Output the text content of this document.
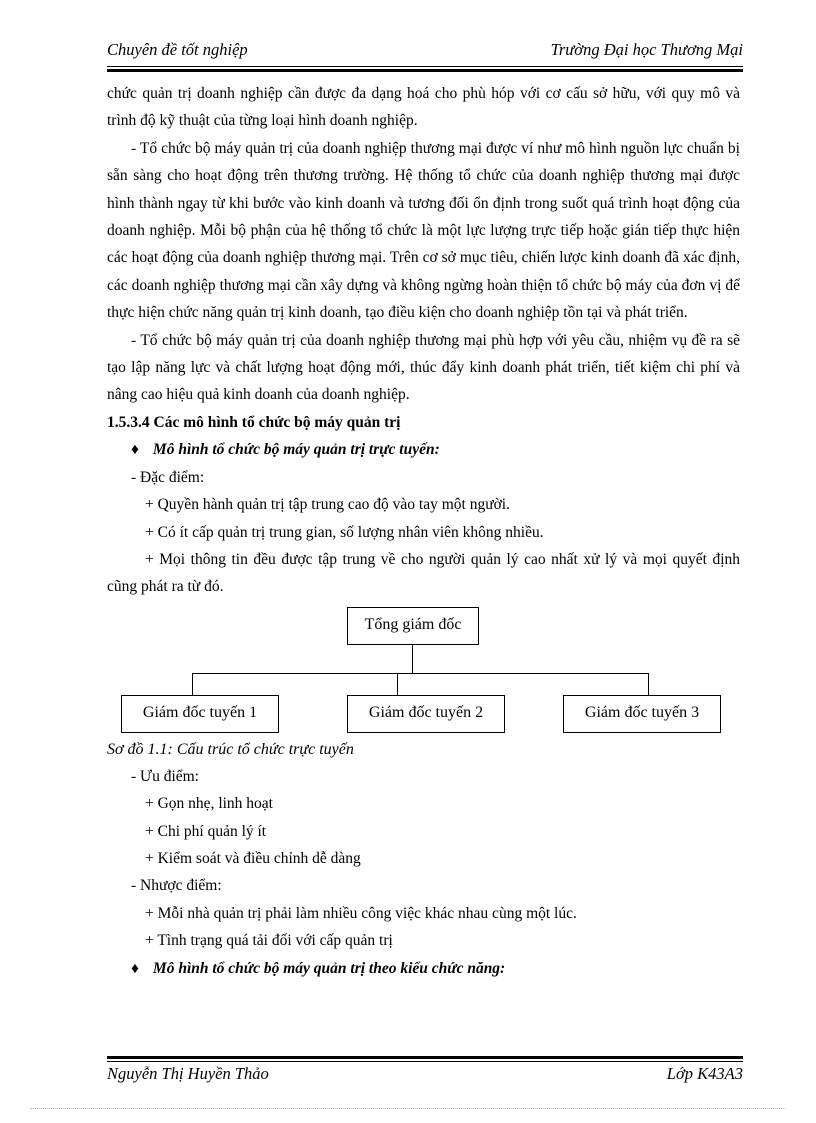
Chuyên đề tốt nghiệp	Trường Đại học Thương Mại

chức quản trị doanh nghiệp cần được đa dạng hoá cho phù hóp với cơ cấu sở hữu, với quy mô và trình độ kỹ thuật của từng loại hình doanh nghiệp.

- Tổ chức bộ máy quản trị của doanh nghiệp thương mại được ví như mô hình nguồn lực chuẩn bị sẵn sàng cho hoạt động trên thương trường. Hệ thống tổ chức của doanh nghiệp thương mại được hình thành ngay từ khi bước vào kinh doanh và tương đối ổn định trong suốt quá trình hoạt động của doanh nghiệp. Mỗi bộ phận của hệ thống tổ chức là một lực lượng trực tiếp hoặc gián tiếp thực hiện các hoạt động của doanh nghiệp thương mại. Trên cơ sở mục tiêu, chiến lược kinh doanh đã xác định, các doanh nghiệp thương mại cần xây dựng và không ngừng hoàn thiện tổ chức bộ máy của đơn vị để thực hiện chức năng quản trị kinh doanh, tạo điều kiện cho doanh nghiệp tồn tại và phát triển.

- Tổ chức bộ máy quản trị của doanh nghiệp thương mại phù hợp với yêu cầu, nhiệm vụ đề ra sẽ tạo lập năng lực và chất lượng hoạt động mới, thúc đẩy kinh doanh phát triển, tiết kiệm chi phí và nâng cao hiệu quả kinh doanh của doanh nghiệp.

1.5.3.4 Các mô hình tổ chức bộ máy quản trị

♦ Mô hình tổ chức bộ máy quản trị trực tuyến:

- Đặc điểm:

+ Quyền hành quản trị tập trung cao độ vào tay một người.

+ Có ít cấp quản trị trung gian, số lượng nhân viên không nhiều.

+ Mọi thông tin đều được tập trung về cho người quản lý cao nhất xử lý và mọi quyết định cũng phát ra từ đó.

Tổng giám đốc
Giám đốc tuyến 1	Giám đốc tuyến 2	Giám đốc tuyến 3

Sơ đồ 1.1: Cấu trúc tổ chức trực tuyến

- Ưu điểm:

+ Gọn nhẹ, linh hoạt

+ Chi phí quản lý ít

+ Kiểm soát và điều chỉnh dễ dàng

- Nhược điểm:

+ Mỗi nhà quản trị phải làm nhiều công việc khác nhau cùng một lúc.

+ Tình trạng quá tải đối với cấp quản trị

♦ Mô hình tổ chức bộ máy quản trị theo kiểu chức năng:

Nguyễn Thị Huyền Thảo	Lớp K43A3
